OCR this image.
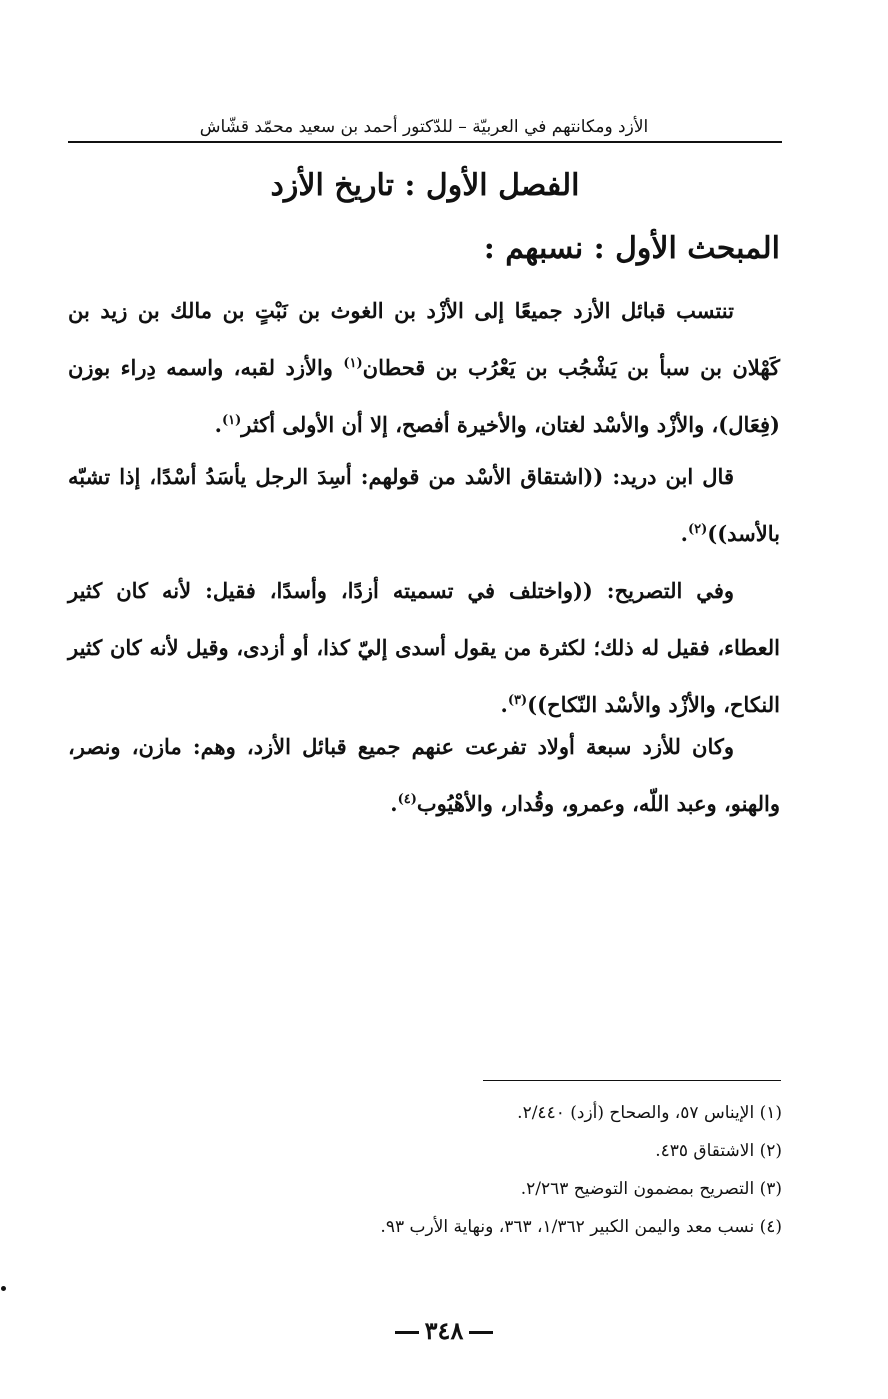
الأزد ومكانتهم في العربيّة – للدّكتور أحمد بن سعيد محمّد قشّاش
الفصل الأول : تاريخ الأزد
المبحث الأول : نسبهم :

تنتسب قبائل الأزد جميعًا إلى الأزْد بن الغوث بن نَبْتٍ بن مالك بن زيد بن كَهْلان بن سبأ بن يَشْجُب بن يَعْرُب بن قحطان$^{(١)}$ والأزد لقبه، واسمه دِراء بوزن (فِعَال)، والأزْد والأسْد لغتان، والأخيرة أفصح، إلا أن الأولى أكثر$^{(١)}$.

قال ابن دريد: ((اشتقاق الأسْد من قولهم: أسِدَ الرجل يأسَدُ أسْدًا، إذا تشبّه بالأسد))$^{(٢)}$.

وفي التصريح: ((واختلف في تسميته أزدًا، وأسدًا، فقيل: لأنه كان كثير العطاء، فقيل له ذلك؛ لكثرة من يقول أسدى إليّ كذا، أو أزدى، وقيل لأنه كان كثير النكاح، والأزْد والأسْد النّكاح))$^{(٣)}$.

وكان للأزد سبعة أولاد تفرعت عنهم جميع قبائل الأزد، وهم: مازن، ونصر، والهنو، وعبد اللّه، وعمرو، وقُدار، والأهْيُوب$^{(٤)}$.

(١) الإيناس ٥٧، والصحاح (أزد) ٢/٤٤٠.
(٢) الاشتقاق ٤٣٥.
(٣) التصريح بمضمون التوضيح ٢/٢٦٣.
(٤) نسب معد واليمن الكبير ١/٣٦٢، ٣٦٣، ونهاية الأرب ٩٣.
٣٤٨
